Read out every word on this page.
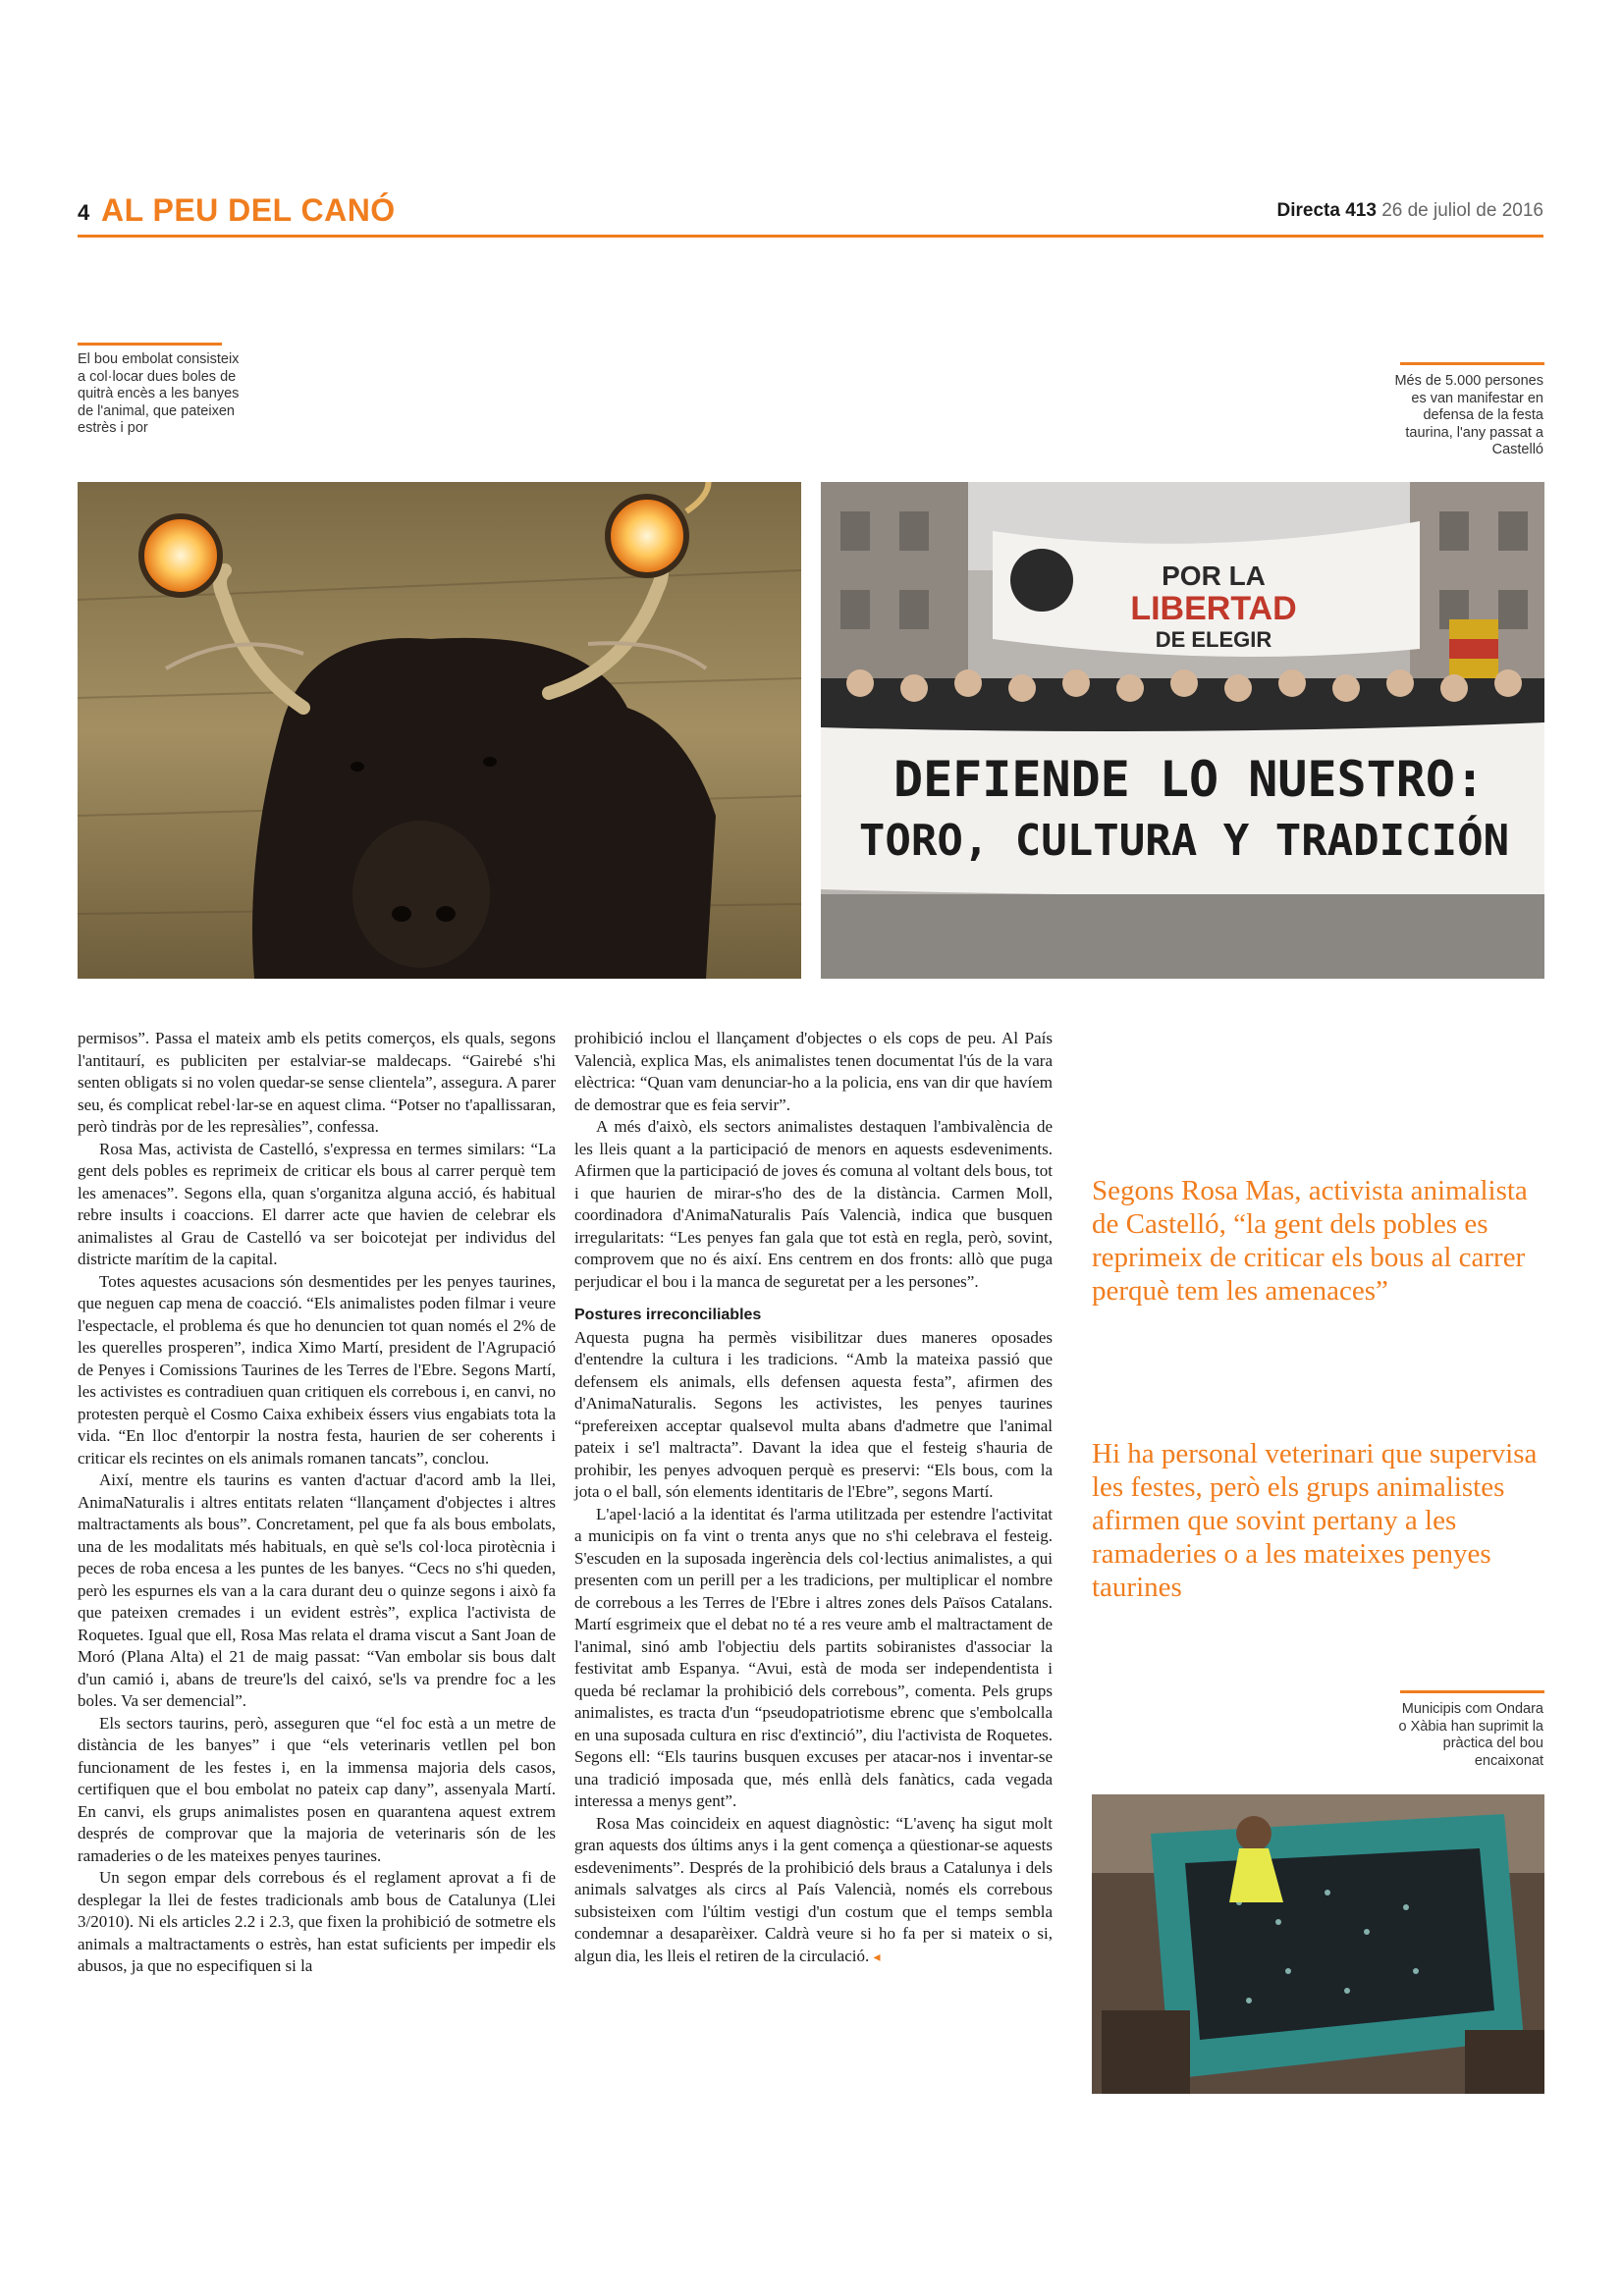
4 AL PEU DEL CANÓ	Directa 413 26 de juliol de 2016
El bou embolat consisteix a col·locar dues boles de quitrà encès a les banyes de l'animal, que pateixen estrès i por
Més de 5.000 persones es van manifestar en defensa de la festa taurina, l'any passat a Castelló
Municipis com Ondara o Xàbia han suprimit la pràctica del bou encaixonat
POR LA
LIBERTAD
DE ELEGIR
DEFIENDE LO NUESTRO:
TORO, CULTURA Y TRADICIÓN

permisos”. Passa el mateix amb els petits comerços, els quals, segons l'antitaurí, es publiciten per estalviar-se maldecaps. “Gairebé s'hi senten obligats si no volen quedar-se sense clientela”, assegura. A parer seu, és complicat rebel·lar-se en aquest clima. “Potser no t'apallissaran, però tindràs por de les represàlies”, confessa.

Rosa Mas, activista de Castelló, s'expressa en termes similars: “La gent dels pobles es reprimeix de criticar els bous al carrer perquè tem les amenaces”. Segons ella, quan s'organitza alguna acció, és habitual rebre insults i coaccions. El darrer acte que havien de celebrar els animalistes al Grau de Castelló va ser boicotejat per individus del districte marítim de la capital.

Totes aquestes acusacions són desmentides per les penyes taurines, que neguen cap mena de coacció. “Els animalistes poden filmar i veure l'espectacle, el problema és que ho denuncien tot quan només el 2% de les querelles prosperen”, indica Ximo Martí, president de l'Agrupació de Penyes i Comissions Taurines de les Terres de l'Ebre. Segons Martí, les activistes es contradiuen quan critiquen els correbous i, en canvi, no protesten perquè el Cosmo Caixa exhibeix éssers vius engabiats tota la vida. “En lloc d'entorpir la nostra festa, haurien de ser coherents i criticar els recintes on els animals romanen tancats”, conclou.

Així, mentre els taurins es vanten d'actuar d'acord amb la llei, AnimaNaturalis i altres entitats relaten “llançament d'objectes i altres maltractaments als bous”. Concretament, pel que fa als bous embolats, una de les modalitats més habituals, en què se'ls col·loca pirotècnia i peces de roba encesa a les puntes de les banyes. “Cecs no s'hi queden, però les espurnes els van a la cara durant deu o quinze segons i això fa que pateixen cremades i un evident estrès”, explica l'activista de Roquetes. Igual que ell, Rosa Mas relata el drama viscut a Sant Joan de Moró (Plana Alta) el 21 de maig passat: “Van embolar sis bous dalt d'un camió i, abans de treure'ls del caixó, se'ls va prendre foc a les boles. Va ser demencial”.

Els sectors taurins, però, asseguren que “el foc està a un metre de distància de les banyes” i que “els veterinaris vetllen pel bon funcionament de les festes i, en la immensa majoria dels casos, certifiquen que el bou embolat no pateix cap dany”, assenyala Martí. En canvi, els grups animalistes posen en quarantena aquest extrem després de comprovar que la majoria de veterinaris són de les ramaderies o de les mateixes penyes taurines.

Un segon empar dels correbous és el reglament aprovat a fi de desplegar la llei de festes tradicionals amb bous de Catalunya (Llei 3/2010). Ni els articles 2.2 i 2.3, que fixen la prohibició de sotmetre els animals a maltractaments o estrès, han estat suficients per impedir els abusos, ja que no especifiquen si la

prohibició inclou el llançament d'objectes o els cops de peu. Al País Valencià, explica Mas, els animalistes tenen documentat l'ús de la vara elèctrica: “Quan vam denunciar-ho a la policia, ens van dir que havíem de demostrar que es feia servir”.

A més d'això, els sectors animalistes destaquen l'ambivalència de les lleis quant a la participació de menors en aquests esdeveniments. Afirmen que la participació de joves és comuna al voltant dels bous, tot i que haurien de mirar-s'ho des de la distància. Carmen Moll, coordinadora d'AnimaNaturalis País Valencià, indica que busquen irregularitats: “Les penyes fan gala que tot està en regla, però, sovint, comprovem que no és així. Ens centrem en dos fronts: allò que puga perjudicar el bou i la manca de seguretat per a les persones”.

Postures irreconciliables

Aquesta pugna ha permès visibilitzar dues maneres oposades d'entendre la cultura i les tradicions. “Amb la mateixa passió que defensem els animals, ells defensen aquesta festa”, afirmen des d'AnimaNaturalis. Segons les activistes, les penyes taurines “prefereixen acceptar qualsevol multa abans d'admetre que l'animal pateix i se'l maltracta”. Davant la idea que el festeig s'hauria de prohibir, les penyes advoquen perquè es preservi: “Els bous, com la jota o el ball, són elements identitaris de l'Ebre”, segons Martí.

L'apel·lació a la identitat és l'arma utilitzada per estendre l'activitat a municipis on fa vint o trenta anys que no s'hi celebrava el festeig. S'escuden en la suposada ingerència dels col·lectius animalistes, a qui presenten com un perill per a les tradicions, per multiplicar el nombre de correbous a les Terres de l'Ebre i altres zones dels Països Catalans. Martí esgrimeix que el debat no té a res veure amb el maltractament de l'animal, sinó amb l'objectiu dels partits sobiranistes d'associar la festivitat amb Espanya. “Avui, està de moda ser independentista i queda bé reclamar la prohibició dels correbous”, comenta. Pels grups animalistes, es tracta d'un “pseudopatriotisme ebrenc que s'embolcalla en una suposada cultura en risc d'extinció”, diu l'activista de Roquetes. Segons ell: “Els taurins busquen excuses per atacar-nos i inventar-se una tradició imposada que, més enllà dels fanàtics, cada vegada interessa a menys gent”.

Rosa Mas coincideix en aquest diagnòstic: “L'avenç ha sigut molt gran aquests dos últims anys i la gent comença a qüestionar-se aquests esdeveniments”. Després de la prohibició dels braus a Catalunya i dels animals salvatges als circs al País Valencià, només els correbous subsisteixen com l'últim vestigi d'un costum que el temps sembla condemnar a desaparèixer. Caldrà veure si ho fa per si mateix o si, algun dia, les lleis el retiren de la circulació. ◂

Segons Rosa Mas, activista animalista de Castelló, “la gent dels pobles es reprimeix de criticar els bous al carrer perquè tem les amenaces”
Hi ha personal veterinari que supervisa les festes, però els grups animalistes afirmen que sovint pertany a les ramaderies o a les mateixes penyes taurines
